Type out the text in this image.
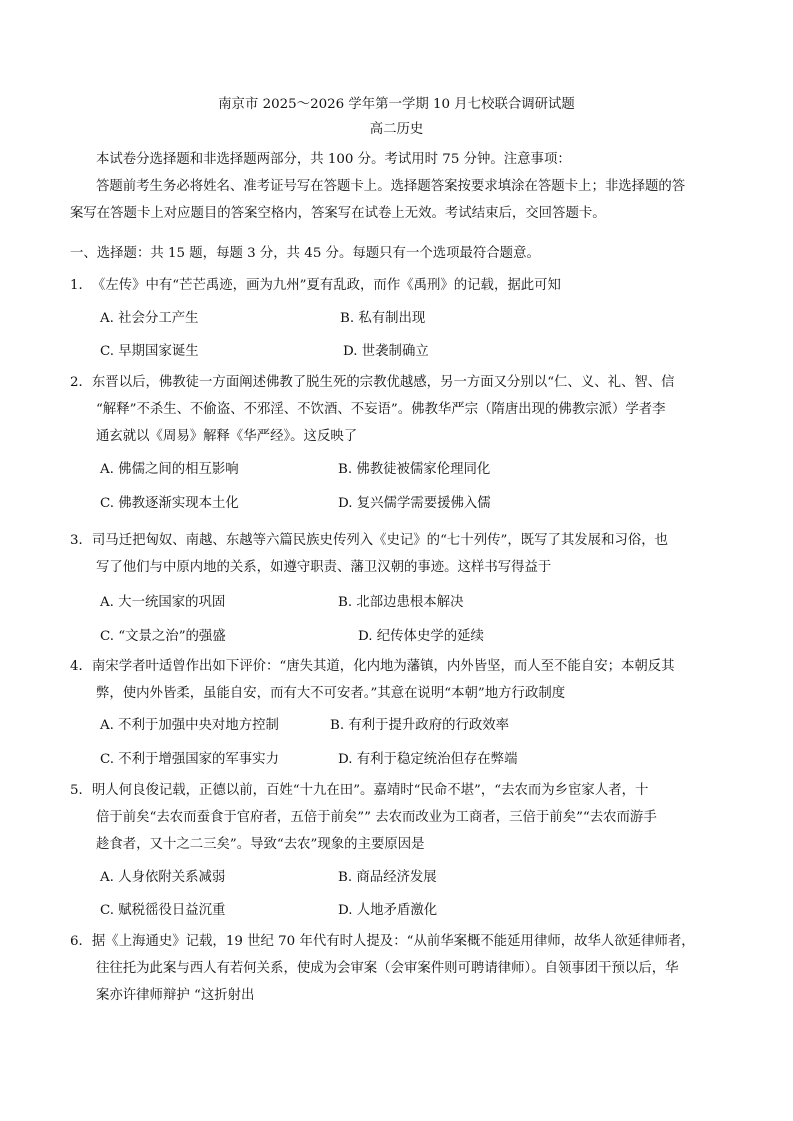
南京市 2025～2026 学年第一学期 10 月七校联合调研试题
高二历史
本试卷分选择题和非选择题两部分，共 100 分。考试用时 75 分钟。注意事项：
答题前考生务必将姓名、准考证号写在答题卡上。选择题答案按要求填涂在答题卡上；非选择题的答
案写在答题卡上对应题目的答案空格内，答案写在试卷上无效。考试结束后，交回答题卡。
一、选择题：共 15 题，每题 3 分，共 45 分。每题只有一个选项最符合题意。
1．《左传》中有“芒芒禹迹，画为九州”夏有乱政，而作《禹刑》的记载，据此可知
A. 社会分工产生	B. 私有制出现
C. 早期国家诞生	D. 世袭制确立
2．东晋以后，佛教徒一方面阐述佛教了脱生死的宗教优越感，另一方面又分别以“仁、义、礼、智、信
“解释”不杀生、不偷盗、不邪淫、不饮酒、不妄语”。佛教华严宗（隋唐出现的佛教宗派）学者李
通玄就以《周易》解释《华严经》。这反映了
A. 佛儒之间的相互影响	B. 佛教徒被儒家伦理同化
C. 佛教逐渐实现本土化	D. 复兴儒学需要援佛入儒
3．司马迁把匈奴、南越、东越等六篇民族史传列入《史记》的“七十列传”，既写了其发展和习俗，也
写了他们与中原内地的关系，如遵守职责、藩卫汉朝的事迹。这样书写得益于
A. 大一统国家的巩固	B. 北部边患根本解决
C. “文景之治”的强盛	D. 纪传体史学的延续
4．南宋学者叶适曾作出如下评价：“唐失其道，化内地为藩镇，内外皆坚，而人至不能自安；本朝反其
弊，使内外皆柔，虽能自安，而有大不可安者。”其意在说明“本朝”地方行政制度
A. 不利于加强中央对地方控制	B. 有利于提升政府的行政效率
C. 不利于增强国家的军事实力	D. 有利于稳定统治但存在弊端
5．明人何良俊记载，正德以前，百姓“十九在田”。嘉靖时“民命不堪”，“去农而为乡宦家人者，十
倍于前矣“去农而蚕食于官府者，五倍于前矣”” 去农而改业为工商者，三倍于前矣”“去农而游手
趁食者，又十之二三矣”。导致“去农”现象的主要原因是
A. 人身依附关系减弱	B. 商品经济发展
C. 赋税徭役日益沉重	D. 人地矛盾激化
6．据《上海通史》记载，19 世纪 70 年代有时人提及：“从前华案概不能延用律师，故华人欲延律师者，
往往托为此案与西人有若何关系，使成为会审案（会审案件则可聘请律师）。自领事团干预以后，华
案亦许律师辩护 “这折射出
